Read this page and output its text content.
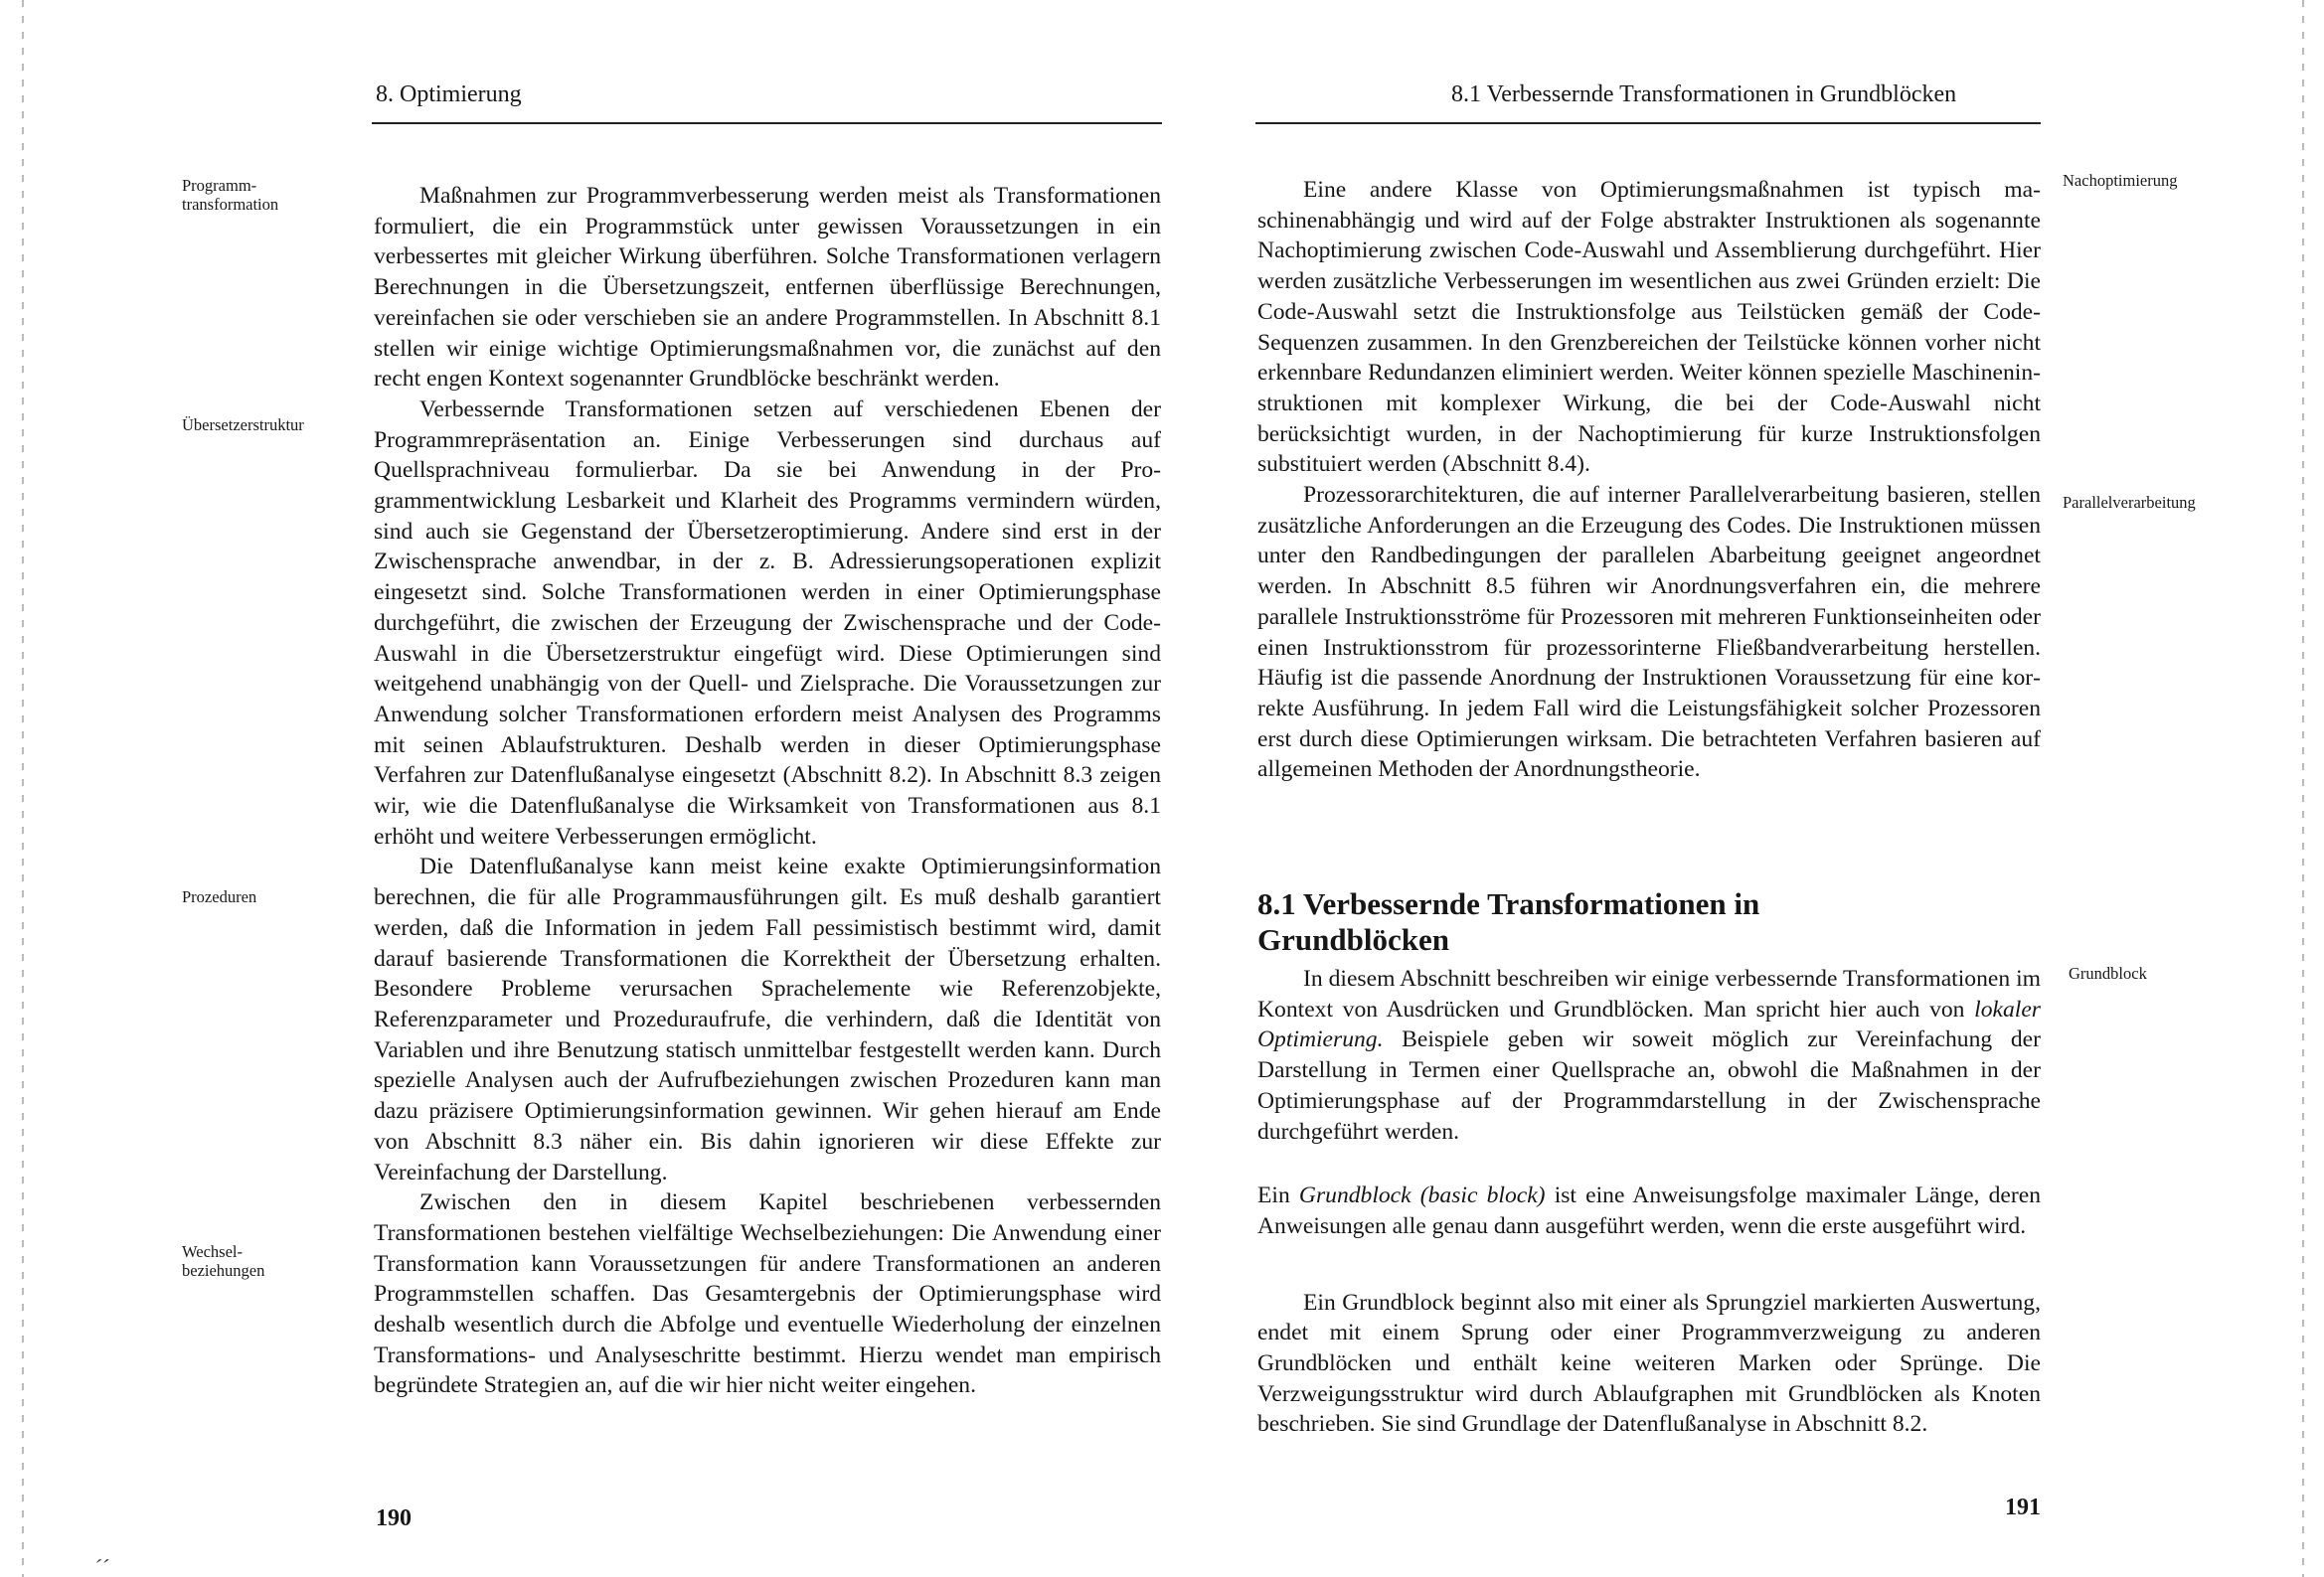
8. Optimierung
Programm-
transformation
Übersetzerstruktur
Prozeduren
Wechsel-
beziehungen

Maßnahmen zur Programmverbesserung werden meist als Transformationen formuliert, die ein Programmstück unter gewissen Voraussetzungen in ein verbessertes mit gleicher Wirkung überführen. Solche Transformationen verlagern Berechnungen in die Übersetzungszeit, entfernen überflüssige Berechnungen, vereinfachen sie oder verschieben sie an andere Programmstellen. In Abschnitt 8.1 stellen wir einige wichtige Optimierungsmaßnahmen vor, die zunächst auf den recht engen Kontext sogenannter Grundblöcke beschränkt werden.

Verbessernde Transformationen setzen auf verschiedenen Ebenen der Programmrepräsentation an. Einige Verbesserungen sind durchaus auf Quellsprachniveau formulierbar. Da sie bei Anwendung in der Programmentwicklung Lesbarkeit und Klarheit des Programms vermindern würden, sind auch sie Gegenstand der Übersetzeroptimierung. Andere sind erst in der Zwischensprache anwendbar, in der z. B. Adressierungsoperationen explizit eingesetzt sind. Solche Transformationen werden in einer Optimierungsphase durchgeführt, die zwischen der Erzeugung der Zwischensprache und der Code-Auswahl in die Übersetzerstruktur eingefügt wird. Diese Optimierungen sind weitgehend unabhängig von der Quell- und Zielsprache. Die Voraussetzungen zur Anwendung solcher Transformationen erfordern meist Analysen des Programms mit seinen Ablaufstrukturen. Deshalb werden in dieser Optimierungsphase Verfahren zur Datenflußanalyse eingesetzt (Abschnitt 8.2). In Abschnitt 8.3 zeigen wir, wie die Datenflußanalyse die Wirksamkeit von Transformationen aus 8.1 erhöht und weitere Verbesserungen ermöglicht.

Die Datenflußanalyse kann meist keine exakte Optimierungsinformation berechnen, die für alle Programmausführungen gilt. Es muß deshalb garantiert werden, daß die Information in jedem Fall pessimistisch bestimmt wird, damit darauf basierende Transformationen die Korrektheit der Übersetzung erhalten. Besondere Probleme verursachen Sprachelemente wie Referenzobjekte, Referenzparameter und Prozeduraufrufe, die verhindern, daß die Identität von Variablen und ihre Benutzung statisch unmittelbar festgestellt werden kann. Durch spezielle Analysen auch der Aufrufbeziehungen zwischen Prozeduren kann man dazu präzisere Optimierungsinformation gewinnen. Wir gehen hierauf am Ende von Abschnitt 8.3 näher ein. Bis dahin ignorieren wir diese Effekte zur Vereinfachung der Darstellung.

Zwischen den in diesem Kapitel beschriebenen verbessernden Transformationen bestehen vielfältige Wechselbeziehungen: Die Anwendung einer Transformation kann Voraussetzungen für andere Transformationen an anderen Programmstellen schaffen. Das Gesamtergebnis der Optimierungsphase wird deshalb wesentlich durch die Abfolge und eventuelle Wiederholung der einzelnen Transformations- und Analyseschritte bestimmt. Hierzu wendet man empirisch begründete Strategien an, auf die wir hier nicht weiter eingehen.

190
ˏˏ
8.1 Verbessernde Transformationen in Grundblöcken
Nachoptimierung
Parallelverarbeitung
Grundblock

Eine andere Klasse von Optimierungsmaßnahmen ist typisch maschinenabhängig und wird auf der Folge abstrakter Instruktionen als sogenannte Nachoptimierung zwischen Code-Auswahl und Assemblierung durchgeführt. Hier werden zusätzliche Verbesserungen im wesentlichen aus zwei Gründen erzielt: Die Code-Auswahl setzt die Instruktionsfolge aus Teilstücken gemäß der Code-Sequenzen zusammen. In den Grenzbereichen der Teilstücke können vorher nicht erkennbare Redundanzen eliminiert werden. Weiter können spezielle Maschineninstruktionen mit komplexer Wirkung, die bei der Code-Auswahl nicht berücksichtigt wurden, in der Nachoptimierung für kurze Instruktionsfolgen substituiert werden (Abschnitt 8.4).

Prozessorarchitekturen, die auf interner Parallelverarbeitung basieren, stellen zusätzliche Anforderungen an die Erzeugung des Codes. Die Instruktionen müssen unter den Randbedingungen der parallelen Abarbeitung geeignet angeordnet werden. In Abschnitt 8.5 führen wir Anordnungsverfahren ein, die mehrere parallele Instruktionsströme für Prozessoren mit mehreren Funktionseinheiten oder einen Instruktionsstrom für prozessorinterne Fließbandverarbeitung herstellen. Häufig ist die passende Anordnung der Instruktionen Voraussetzung für eine korrekte Ausführung. In jedem Fall wird die Leistungsfähigkeit solcher Prozessoren erst durch diese Optimierungen wirksam. Die betrachteten Verfahren basieren auf allgemeinen Methoden der Anordnungstheorie.

8.1 Verbessernde Transformationen in Grundblöcken

In diesem Abschnitt beschreiben wir einige verbessernde Transformationen im Kontext von Ausdrücken und Grundblöcken. Man spricht hier auch von lokaler Optimierung. Beispiele geben wir soweit möglich zur Vereinfachung der Darstellung in Termen einer Quellsprache an, obwohl die Maßnahmen in der Optimierungsphase auf der Programmdarstellung in der Zwischensprache durchgeführt werden.

Ein Grundblock (basic block) ist eine Anweisungsfolge maximaler Länge, deren Anweisungen alle genau dann ausgeführt werden, wenn die erste ausgeführt wird.

Ein Grundblock beginnt also mit einer als Sprungziel markierten Auswertung, endet mit einem Sprung oder einer Programmverzweigung zu anderen Grundblöcken und enthält keine weiteren Marken oder Sprünge. Die Verzweigungsstruktur wird durch Ablaufgraphen mit Grundblöcken als Knoten beschrieben. Sie sind Grundlage der Datenflußanalyse in Abschnitt 8.2.

191
